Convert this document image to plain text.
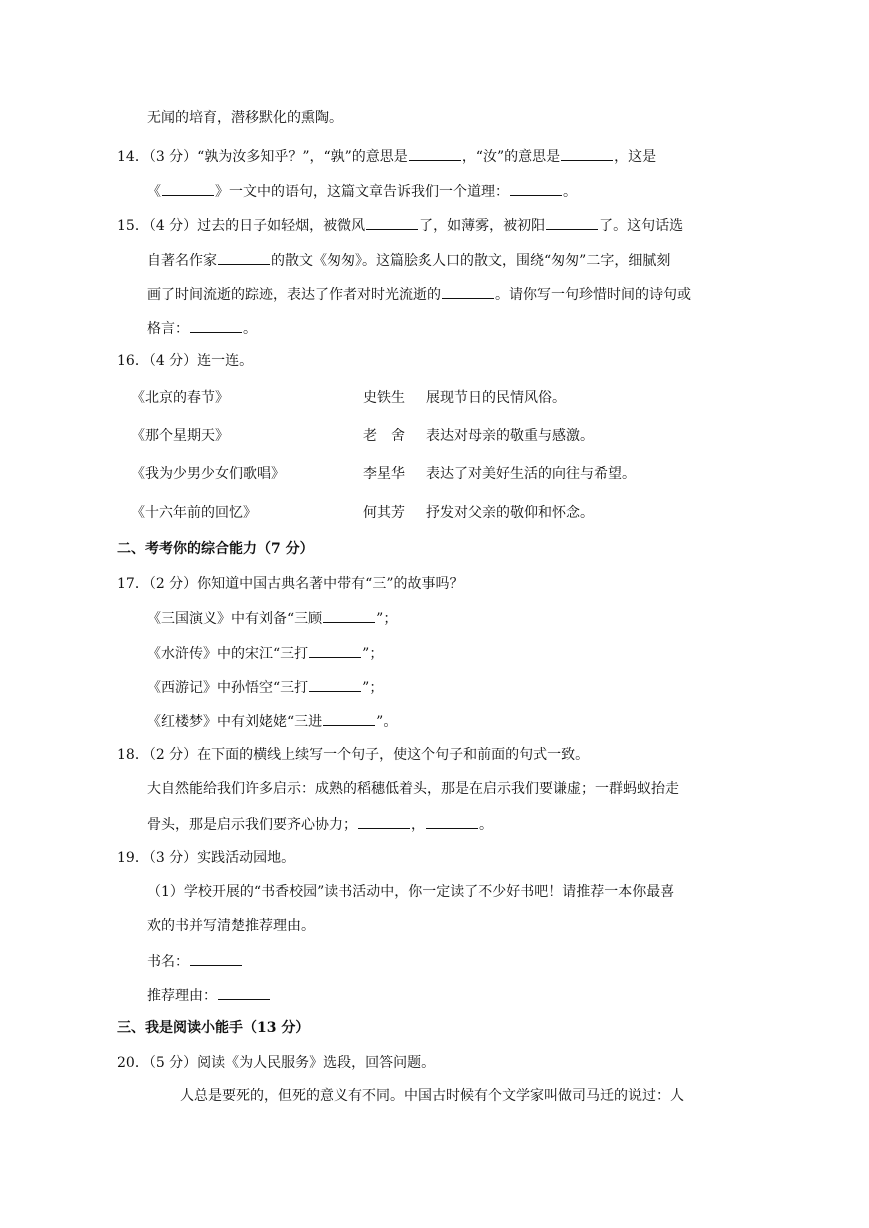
无闻的培育，潜移默化的熏陶。
14．（3 分）“孰为汝多知乎？”，“孰”的意思是	，“汝”的意思是	，这是
《	》一文中的语句，这篇文章告诉我们一个道理：	。
15．（4 分）过去的日子如轻烟，被微风	了，如薄雾，被初阳	了。这句话选
自著名作家	的散文《匆匆》。这篇脍炙人口的散文，围绕“匆匆”二字，细腻刻
画了时间流逝的踪迹，表达了作者对时光流逝的	。请你写一句珍惜时间的诗句或
格言：	。
16．（4 分）连一连。
《北京的春节》	史铁生 展现节日的民情风俗。
《那个星期天》	老　舍 表达对母亲的敬重与感激。
《我为少男少女们歌唱》	李星华 表达了对美好生活的向往与希望。
《十六年前的回忆》	何其芳 抒发对父亲的敬仰和怀念。
二、考考你的综合能力（7 分）
17．（2 分）你知道中国古典名著中带有“三”的故事吗？
《三国演义》中有刘备“三顾	”；
《水浒传》中的宋江“三打	”；
《西游记》中孙悟空“三打	”；
《红楼梦》中有刘姥姥“三进	”。
18．（2 分）在下面的横线上续写一个句子，使这个句子和前面的句式一致。
大自然能给我们许多启示：成熟的稻穗低着头，那是在启示我们要谦虚；一群蚂蚁抬走
骨头，那是启示我们要齐心协力；	，	。
19．（3 分）实践活动园地。
（1）学校开展的“书香校园”读书活动中，你一定读了不少好书吧！请推荐一本你最喜
欢的书并写清楚推荐理由。
书名：
推荐理由：
三、我是阅读小能手（13 分）
20．（5 分）阅读《为人民服务》选段，回答问题。
人总是要死的，但死的意义有不同。中国古时候有个文学家叫做司马迁的说过：人
